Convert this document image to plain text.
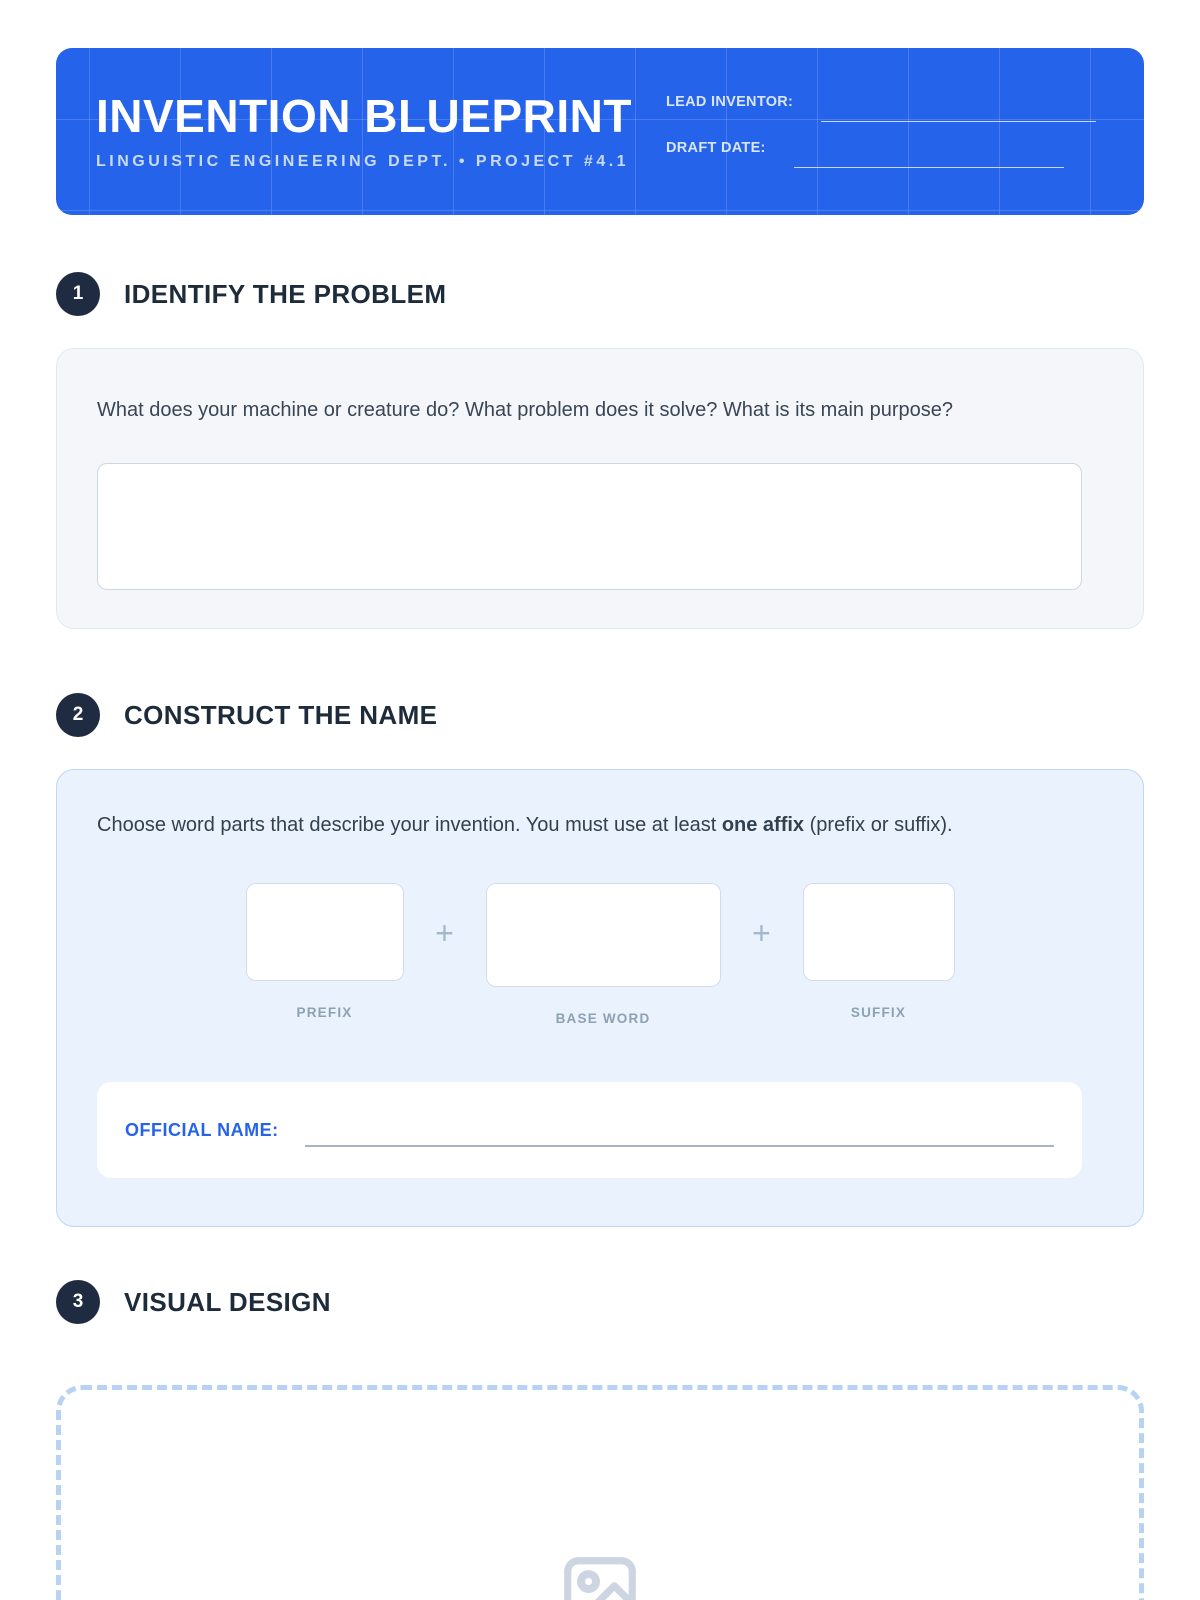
INVENTION BLUEPRINT
LINGUISTIC ENGINEERING DEPT. • PROJECT #4.1
LEAD INVENTOR:
DRAFT DATE:
1	IDENTIFY THE PROBLEM
What does your machine or creature do? What problem does it solve? What is its main purpose?
2	CONSTRUCT THE NAME
Choose word parts that describe your invention. You must use at least one affix (prefix or suffix).
PREFIX
+
BASE WORD
+
SUFFIX
OFFICIAL NAME:
3	VISUAL DESIGN
